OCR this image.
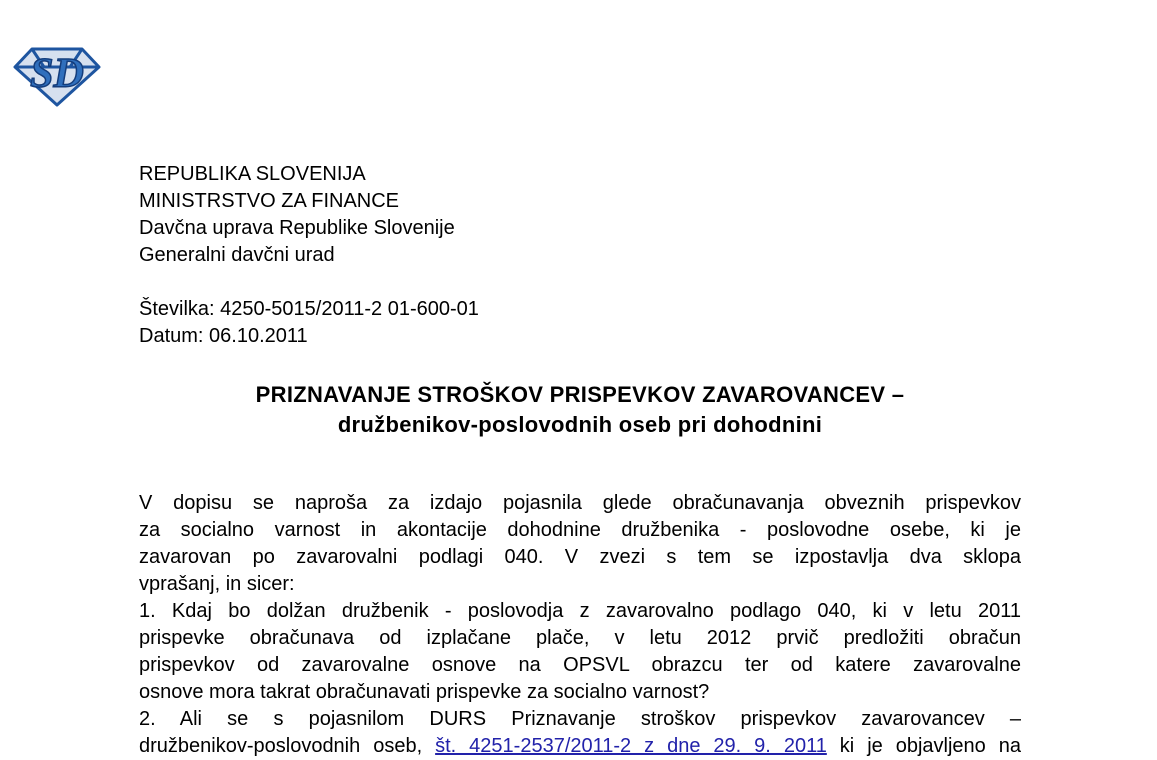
SD
REPUBLIKA SLOVENIJA
MINISTRSTVO ZA FINANCE
Davčna uprava Republike Slovenije
Generalni davčni urad
Številka: 4250-5015/2011-2 01-600-01
Datum: 06.10.2011
PRIZNAVANJE STROŠKOV PRISPEVKOV ZAVAROVANCEV –
družbenikov-poslovodnih oseb pri dohodnini
V dopisu se naproša za izdajo pojasnila glede obračunavanja obveznih prispevkov
za socialno varnost in akontacije dohodnine družbenika - poslovodne osebe, ki je
zavarovan po zavarovalni podlagi 040. V zvezi s tem se izpostavlja dva sklopa
vprašanj, in sicer:
1. Kdaj bo dolžan družbenik - poslovodja z zavarovalno podlago 040, ki v letu 2011
prispevke obračunava od izplačane plače, v letu 2012 prvič predložiti obračun
prispevkov od zavarovalne osnove na OPSVL obrazcu ter od katere zavarovalne
osnove mora takrat obračunavati prispevke za socialno varnost?
2. Ali se s pojasnilom DURS Priznavanje stroškov prispevkov zavarovancev –
družbenikov-poslovodnih oseb, št. 4251-2537/2011-2 z dne 29. 9. 2011 ki je objavljeno na
